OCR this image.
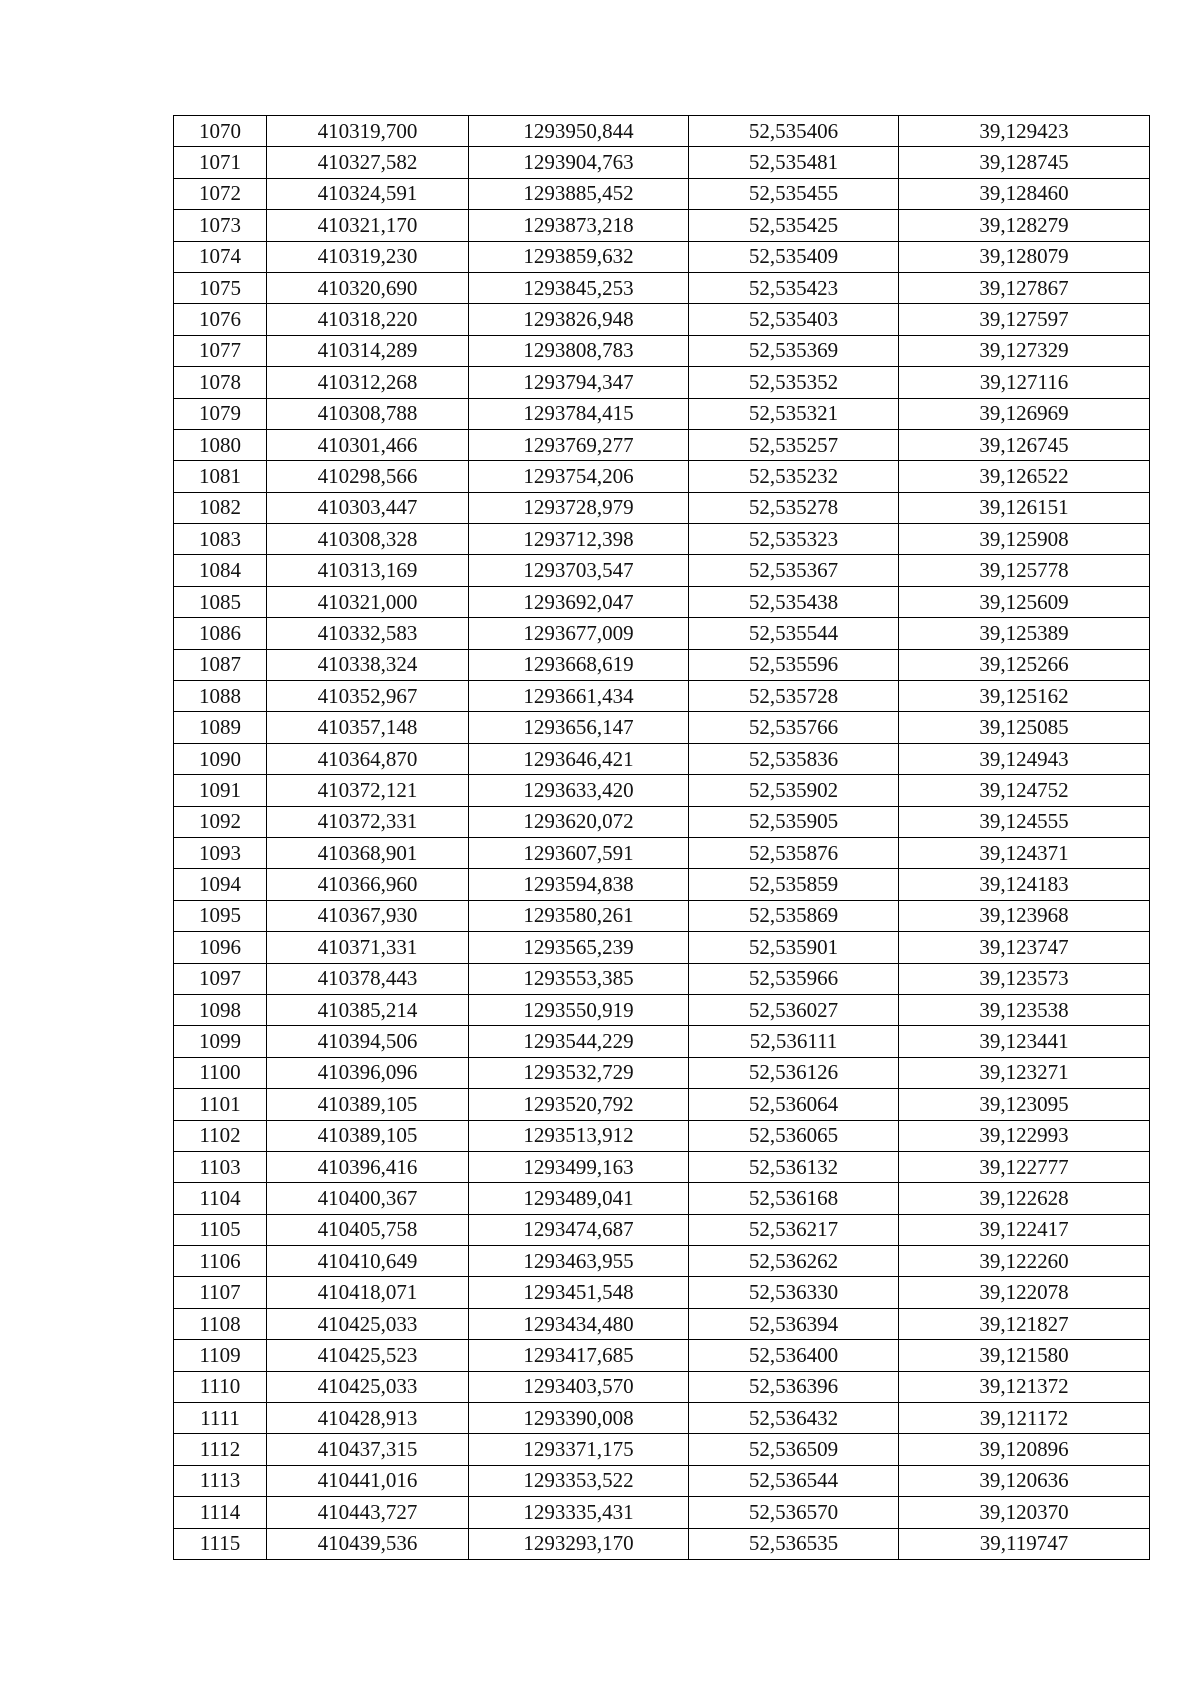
1070	410319,700	1293950,844	52,535406	39,129423
1071	410327,582	1293904,763	52,535481	39,128745
1072	410324,591	1293885,452	52,535455	39,128460
1073	410321,170	1293873,218	52,535425	39,128279
1074	410319,230	1293859,632	52,535409	39,128079
1075	410320,690	1293845,253	52,535423	39,127867
1076	410318,220	1293826,948	52,535403	39,127597
1077	410314,289	1293808,783	52,535369	39,127329
1078	410312,268	1293794,347	52,535352	39,127116
1079	410308,788	1293784,415	52,535321	39,126969
1080	410301,466	1293769,277	52,535257	39,126745
1081	410298,566	1293754,206	52,535232	39,126522
1082	410303,447	1293728,979	52,535278	39,126151
1083	410308,328	1293712,398	52,535323	39,125908
1084	410313,169	1293703,547	52,535367	39,125778
1085	410321,000	1293692,047	52,535438	39,125609
1086	410332,583	1293677,009	52,535544	39,125389
1087	410338,324	1293668,619	52,535596	39,125266
1088	410352,967	1293661,434	52,535728	39,125162
1089	410357,148	1293656,147	52,535766	39,125085
1090	410364,870	1293646,421	52,535836	39,124943
1091	410372,121	1293633,420	52,535902	39,124752
1092	410372,331	1293620,072	52,535905	39,124555
1093	410368,901	1293607,591	52,535876	39,124371
1094	410366,960	1293594,838	52,535859	39,124183
1095	410367,930	1293580,261	52,535869	39,123968
1096	410371,331	1293565,239	52,535901	39,123747
1097	410378,443	1293553,385	52,535966	39,123573
1098	410385,214	1293550,919	52,536027	39,123538
1099	410394,506	1293544,229	52,536111	39,123441
1100	410396,096	1293532,729	52,536126	39,123271
1101	410389,105	1293520,792	52,536064	39,123095
1102	410389,105	1293513,912	52,536065	39,122993
1103	410396,416	1293499,163	52,536132	39,122777
1104	410400,367	1293489,041	52,536168	39,122628
1105	410405,758	1293474,687	52,536217	39,122417
1106	410410,649	1293463,955	52,536262	39,122260
1107	410418,071	1293451,548	52,536330	39,122078
1108	410425,033	1293434,480	52,536394	39,121827
1109	410425,523	1293417,685	52,536400	39,121580
1110	410425,033	1293403,570	52,536396	39,121372
1111	410428,913	1293390,008	52,536432	39,121172
1112	410437,315	1293371,175	52,536509	39,120896
1113	410441,016	1293353,522	52,536544	39,120636
1114	410443,727	1293335,431	52,536570	39,120370
1115	410439,536	1293293,170	52,536535	39,119747
